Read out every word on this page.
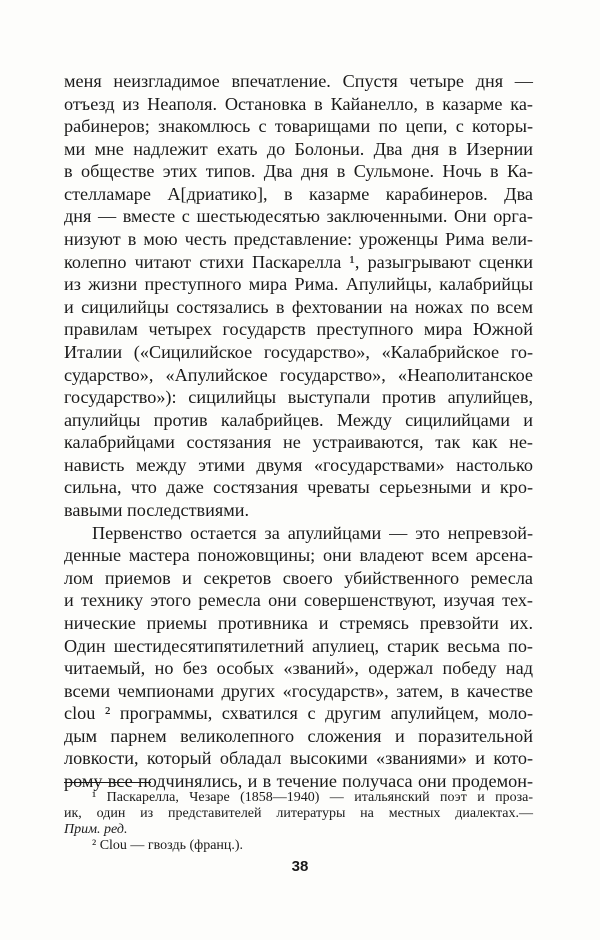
меня неизгладимое впечатление. Спустя четыре дня —
отъезд из Неаполя. Остановка в Кайанелло, в казарме ка-
рабинеров; знакомлюсь с товарищами по цепи, с которы-
ми мне надлежит ехать до Болоньи. Два дня в Изернии
в обществе этих типов. Два дня в Сульмоне. Ночь в Ка-
стелламаре А[дриатико], в казарме карабинеров. Два
дня — вместе с шестьюдесятью заключенными. Они орга-
низуют в мою честь представление: уроженцы Рима вели-
колепно читают стихи Паскарелла ¹, разыгрывают сценки
из жизни преступного мира Рима. Апулийцы, калабрийцы
и сицилийцы состязались в фехтовании на ножах по всем
правилам четырех государств преступного мира Южной
Италии («Сицилийское государство», «Калабрийское го-
сударство», «Апулийское государство», «Неаполитанское
государство»): сицилийцы выступали против апулийцев,
апулийцы против калабрийцев. Между сицилийцами и
калабрийцами состязания не устраиваются, так как не-
нависть между этими двумя «государствами» настолько
сильна, что даже состязания чреваты серьезными и кро-
вавыми последствиями.
Первенство остается за апулийцами — это непревзой-
денные мастера поножовщины; они владеют всем арсена-
лом приемов и секретов своего убийственного ремесла
и технику этого ремесла они совершенствуют, изучая тех-
нические приемы противника и стремясь превзойти их.
Один шестидесятипятилетний апулиец, старик весьма по-
читаемый, но без особых «званий», одержал победу над
всеми чемпионами других «государств», затем, в качестве
clou ² программы, схватился с другим апулийцем, моло-
дым парнем великолепного сложения и поразительной
ловкости, который обладал высокими «званиями» и кото-
рому все подчинялись, и в течение получаса они продемон-
¹ Паскарелла, Чезаре (1858—1940) — итальянский поэт и проза-
ик, один из представителей литературы на местных диалектах.—
Прим. ред.
² Clou — гвоздь (франц.).
38
